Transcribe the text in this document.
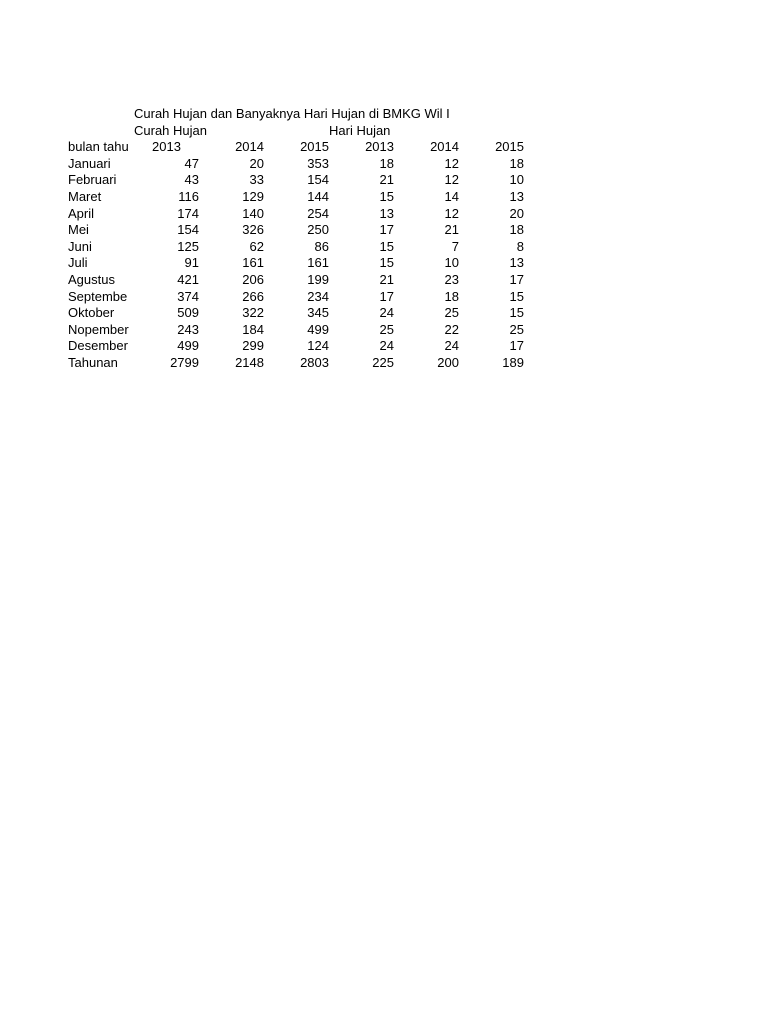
Curah Hujan dan Banyaknya Hari Hujan di BMKG Wil I
Curah Hujan	Hari Hujan
bulan tahu	2013	2014	2015	2013	2014	2015
Januari	47	20	353	18	12	18
Februari	43	33	154	21	12	10
Maret	116	129	144	15	14	13
April	174	140	254	13	12	20
Mei	154	326	250	17	21	18
Juni	125	62	86	15	7	8
Juli	91	161	161	15	10	13
Agustus	421	206	199	21	23	17
Septembe	374	266	234	17	18	15
Oktober	509	322	345	24	25	15
Nopember	243	184	499	25	22	25
Desember	499	299	124	24	24	17
Tahunan	2799	2148	2803	225	200	189
